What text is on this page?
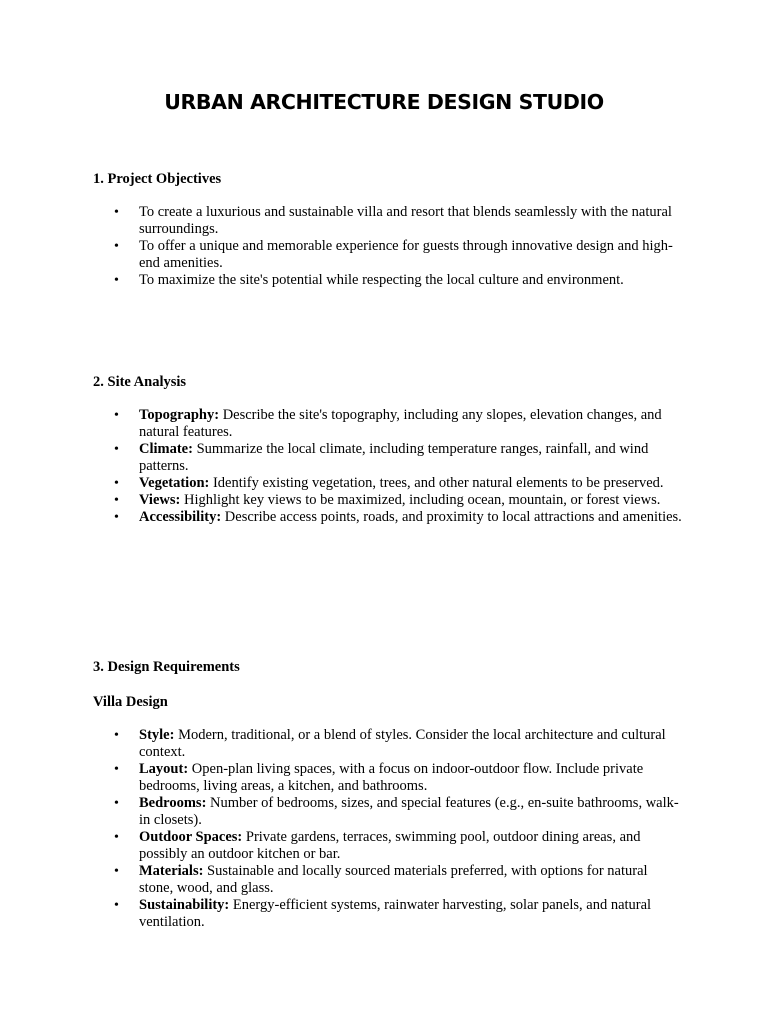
URBAN ARCHITECTURE DESIGN STUDIO
1. Project Objectives
• To create a luxurious and sustainable villa and resort that blends seamlessly with the natural surroundings.
• To offer a unique and memorable experience for guests through innovative design and high-end amenities.
• To maximize the site's potential while respecting the local culture and environment.
2. Site Analysis
• Topography: Describe the site's topography, including any slopes, elevation changes, and natural features.
• Climate: Summarize the local climate, including temperature ranges, rainfall, and wind patterns.
• Vegetation: Identify existing vegetation, trees, and other natural elements to be preserved.
• Views: Highlight key views to be maximized, including ocean, mountain, or forest views.
• Accessibility: Describe access points, roads, and proximity to local attractions and amenities.
3. Design Requirements
Villa Design
• Style: Modern, traditional, or a blend of styles. Consider the local architecture and cultural context.
• Layout: Open-plan living spaces, with a focus on indoor-outdoor flow. Include private bedrooms, living areas, a kitchen, and bathrooms.
• Bedrooms: Number of bedrooms, sizes, and special features (e.g., en-suite bathrooms, walk-in closets).
• Outdoor Spaces: Private gardens, terraces, swimming pool, outdoor dining areas, and possibly an outdoor kitchen or bar.
• Materials: Sustainable and locally sourced materials preferred, with options for natural stone, wood, and glass.
• Sustainability: Energy-efficient systems, rainwater harvesting, solar panels, and natural ventilation.
